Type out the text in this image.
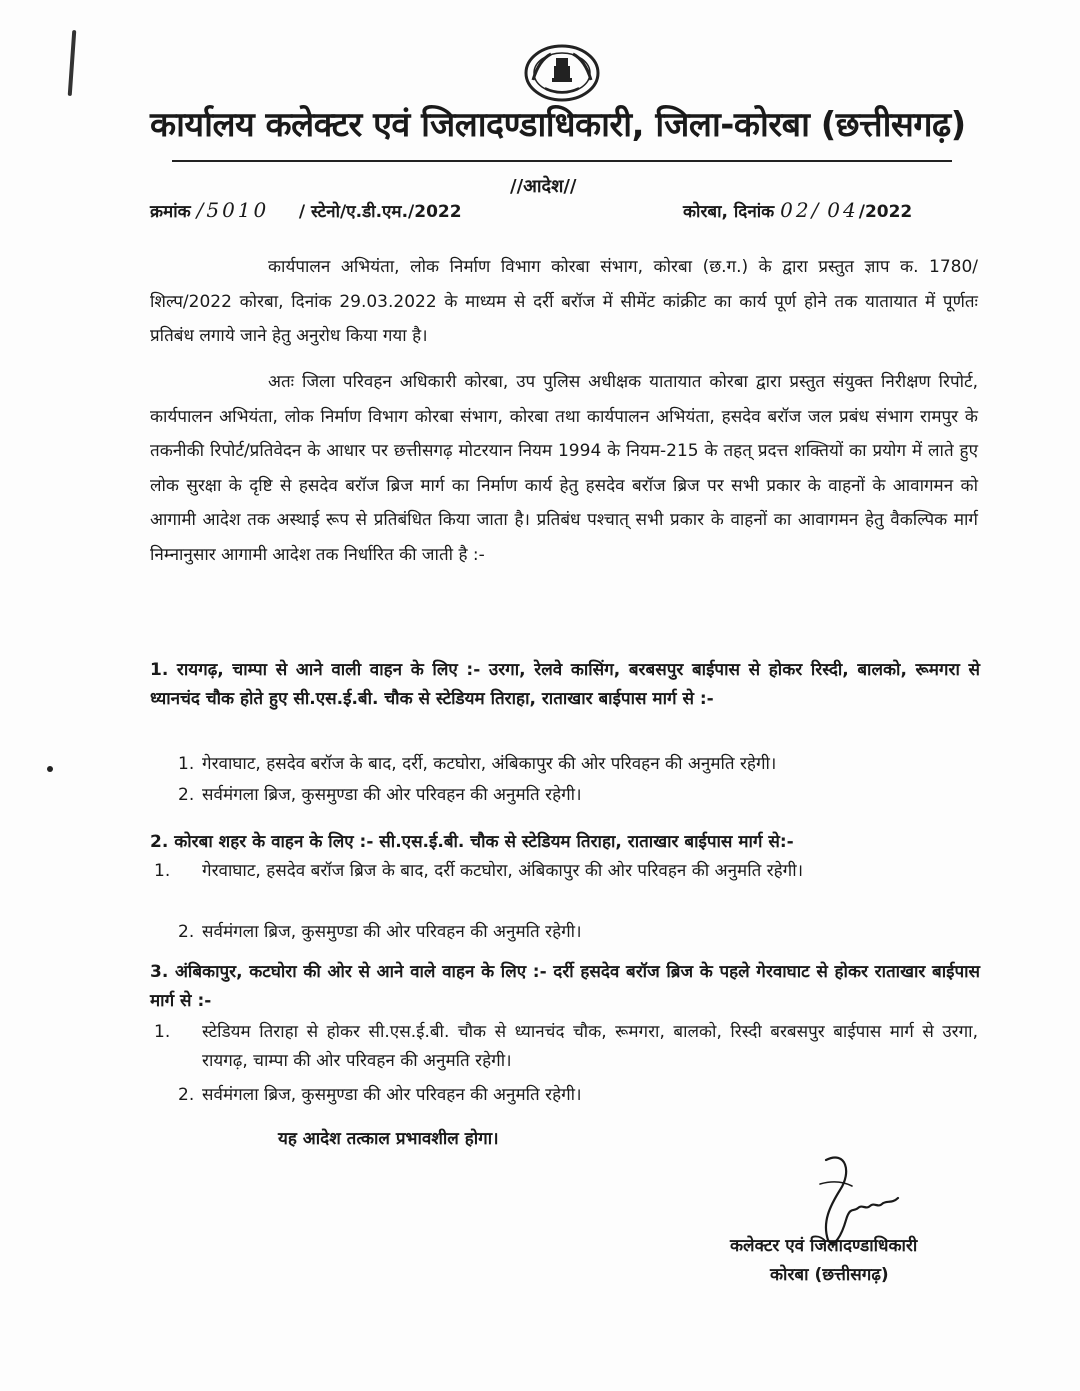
कार्यालय कलेक्टर एवं जिलादण्डाधिकारी, जिला-कोरबा (छत्तीसगढ़)
//आदेश//
क्रमांक /5010 / स्टेनो/ए.डी.एम./2022	कोरबा, दिनांक 02/ 04/2022
कार्यपालन अभियंता, लोक निर्माण विभाग कोरबा संभाग, कोरबा (छ.ग.) के द्वारा प्रस्तुत ज्ञाप क. 1780/शिल्प/2022 कोरबा, दिनांक 29.03.2022 के माध्यम से दर्री बरॉज में सीमेंट कांक्रीट का कार्य पूर्ण होने तक यातायात में पूर्णतः प्रतिबंध लगाये जाने हेतु अनुरोध किया गया है।
अतः जिला परिवहन अधिकारी कोरबा, उप पुलिस अधीक्षक यातायात कोरबा द्वारा प्रस्तुत संयुक्त निरीक्षण रिपोर्ट, कार्यपालन अभियंता, लोक निर्माण विभाग कोरबा संभाग, कोरबा तथा कार्यपालन अभियंता, हसदेव बरॉज जल प्रबंध संभाग रामपुर के तकनीकी रिपोर्ट/प्रतिवेदन के आधार पर छत्तीसगढ़ मोटरयान नियम 1994 के नियम-215 के तहत् प्रदत्त शक्तियों का प्रयोग में लाते हुए लोक सुरक्षा के दृष्टि से हसदेव बरॉज ब्रिज मार्ग का निर्माण कार्य हेतु हसदेव बरॉज ब्रिज पर सभी प्रकार के वाहनों के आवागमन को आगामी आदेश तक अस्थाई रूप से प्रतिबंधित किया जाता है। प्रतिबंध पश्चात् सभी प्रकार के वाहनों का आवागमन हेतु वैकल्पिक मार्ग निम्नानुसार आगामी आदेश तक निर्धारित की जाती है :-
1. रायगढ़, चाम्पा से आने वाली वाहन के लिए :- उरगा, रेलवे कासिंग, बरबसपुर बाईपास से होकर रिस्दी, बालको, रूमगरा से ध्यानचंद चौक होते हुए सी.एस.ई.बी. चौक से स्टेडियम तिराहा, राताखार बाईपास मार्ग से :-
1. गेरवाघाट, हसदेव बरॉज के बाद, दर्री, कटघोरा, अंबिकापुर की ओर परिवहन की अनुमति रहेगी।
2. सर्वमंगला ब्रिज, कुसमुण्डा की ओर परिवहन की अनुमति रहेगी।
2. कोरबा शहर के वाहन के लिए :- सी.एस.ई.बी. चौक से स्टेडियम तिराहा, राताखार बाईपास मार्ग से:-
1. गेरवाघाट, हसदेव बरॉज ब्रिज के बाद, दर्री कटघोरा, अंबिकापुर की ओर परिवहन की अनुमति रहेगी।
2. सर्वमंगला ब्रिज, कुसमुण्डा की ओर परिवहन की अनुमति रहेगी।
3. अंबिकापुर, कटघोरा की ओर से आने वाले वाहन के लिए :- दर्री हसदेव बरॉज ब्रिज के पहले गेरवाघाट से होकर राताखार बाईपास मार्ग से :-
1. स्टेडियम तिराहा से होकर सी.एस.ई.बी. चौक से ध्यानचंद चौक, रूमगरा, बालको, रिस्दी बरबसपुर बाईपास मार्ग से उरगा, रायगढ़, चाम्पा की ओर परिवहन की अनुमति रहेगी।
2. सर्वमंगला ब्रिज, कुसमुण्डा की ओर परिवहन की अनुमति रहेगी।
यह आदेश तत्काल प्रभावशील होगा।
कलेक्टर एवं जिलादण्डाधिकारी
कोरबा (छत्तीसगढ़)
